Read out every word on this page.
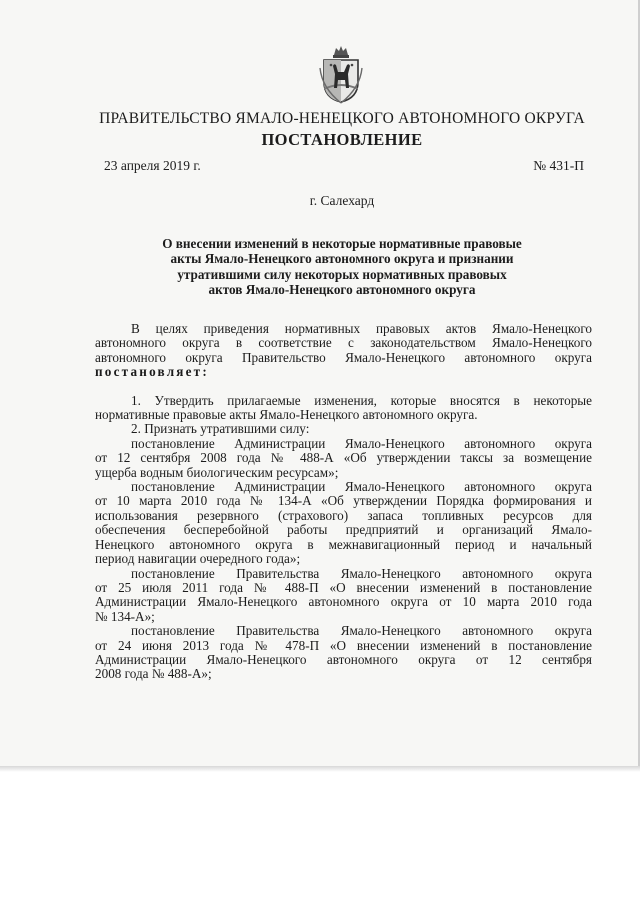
ПРАВИТЕЛЬСТВО ЯМАЛО-НЕНЕЦКОГО АВТОНОМНОГО ОКРУГА
ПОСТАНОВЛЕНИЕ
23 апреля 2019 г.	№ 431-П
г. Салехард
О внесении изменений в некоторые нормативные правовые
акты Ямало-Ненецкого автономного округа и признании
утратившими силу некоторых нормативных правовых
актов Ямало-Ненецкого автономного округа
В целях приведения нормативных правовых актов Ямало-Ненецкого
автономного округа в соответствие с законодательством Ямало-Ненецкого
автономного округа Правительство Ямало-Ненецкого автономного округа
постановляет:
1. Утвердить прилагаемые изменения, которые вносятся в некоторые
нормативные правовые акты Ямало-Ненецкого автономного округа.
2. Признать утратившими силу:
постановление Администрации Ямало-Ненецкого автономного округа
от 12 сентября 2008 года № 488-А «Об утверждении таксы за возмещение
ущерба водным биологическим ресурсам»;
постановление Администрации Ямало-Ненецкого автономного округа
от 10 марта 2010 года № 134-А «Об утверждении Порядка формирования и
использования резервного (страхового) запаса топливных ресурсов для
обеспечения бесперебойной работы предприятий и организаций Ямало-
Ненецкого автономного округа в межнавигационный период и начальный
период навигации очередного года»;
постановление Правительства Ямало-Ненецкого автономного округа
от 25 июля 2011 года № 488-П «О внесении изменений в постановление
Администрации Ямало-Ненецкого автономного округа от 10 марта 2010 года
№ 134-А»;
постановление Правительства Ямало-Ненецкого автономного округа
от 24 июня 2013 года № 478-П «О внесении изменений в постановление
Администрации Ямало-Ненецкого автономного округа от 12 сентября
2008 года № 488-А»;
